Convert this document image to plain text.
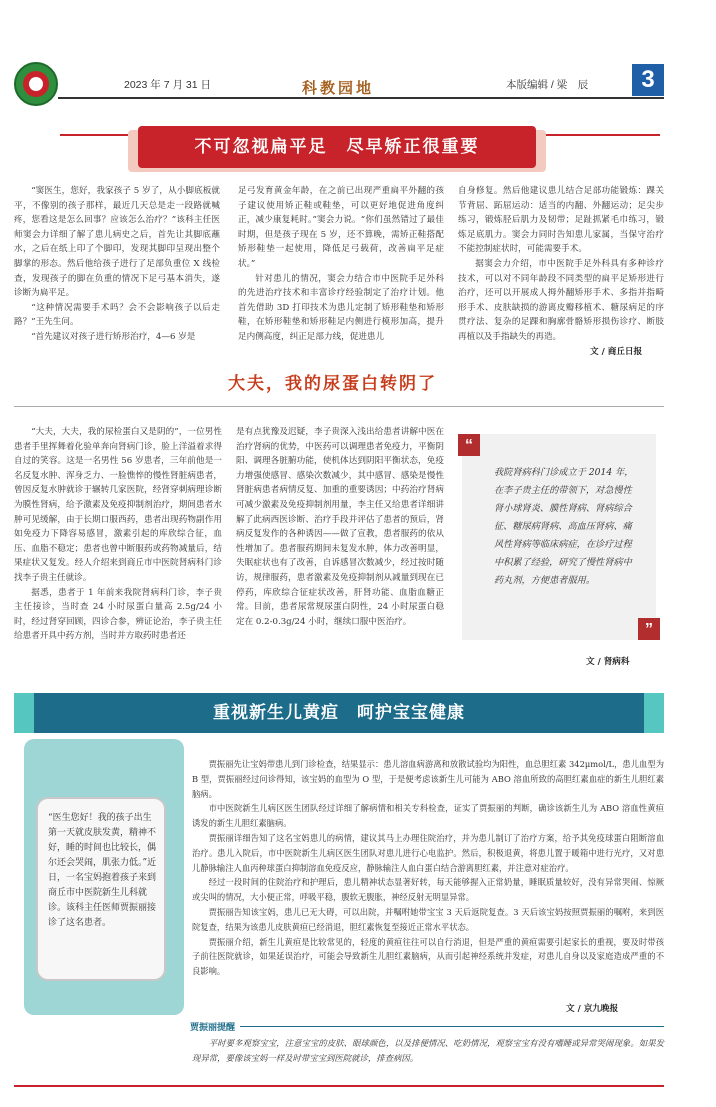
2023 年 7 月 31 日	科教园地	本版编辑 / 梁　辰	3
不可忽视扁平足　尽早矫正很重要

“窦医生，您好，我家孩子 5 岁了，从小脚底板就平，不像别的孩子那样，最近几天总是走一段路就喊疼，您看这是怎么回事？应该怎么治疗？”该科主任医师窦会力详细了解了患儿病史之后，首先让其脚底蘸水，之后在纸上印了个脚印，发现其脚印呈现出整个脚掌的形态。然后他给孩子进行了足部负重位 X 线检查，发现孩子的脚在负重的情况下足弓基本消失，遂诊断为扁平足。

“这种情况需要手术吗？会不会影响孩子以后走路？”王先生问。

“首先建议对孩子进行矫形治疗，4—6 岁是

足弓发育黄金年龄，在之前已出现严重扁平外翻的孩子建议使用矫正鞋或鞋垫，可以更好地促进角度纠正，减少康复耗时。”窦会力说。“你们虽然错过了最佳时期，但是孩子现在 5 岁，还不算晚，需矫正鞋搭配矫形鞋垫一起使用，降低足弓载荷，改善扁平足症状。”

针对患儿的情况，窦会力结合市中医院手足外科的先进治疗技术和丰富诊疗经验制定了治疗计划。他首先借助 3D 打印技术为患儿定制了矫形鞋垫和矫形鞋，在矫形鞋垫和矫形鞋足内侧进行模形加高，提升足内侧高度，纠正足部力线，促进患儿

自身修复。然后他建议患儿结合足部功能锻炼：踝关节背屈、跖屈运动：适当的内翻、外翻运动；足尖步练习，锻炼胫后肌力及韧带；足趾抓紧毛巾练习，锻炼足底肌力。窦会力同时告知患儿家属，当保守治疗不能控制症状时，可能需要手术。

据窦会力介绍，市中医院手足外科具有多种诊疗技术，可以对不同年龄段不同类型的扁平足矫形进行治疗，还可以开展成人拇外翻矫形手术、多指并指畸形手术、皮肤缺损的游离皮瓣移植术、糖尿病足的序贯疗法、复杂的足踝和胸廓骨骼矫形损伤诊疗、断肢再植以及手指缺失的再造。

文 / 商丘日报
大夫，我的尿蛋白转阴了

“大夫，大夫，我的尿检蛋白又是阴的”，一位男性患者手里挥舞着化验单奔向肾病门诊，脸上洋溢着求得自过的笑容。这是一名男性 56 岁患者，三年前他是一名反复水肿、浑身乏力、一脸憔悴的慢性肾脏病患者，曾因反复水肿就诊于辗转几家医院，经肾穿刺病理诊断为膜性肾病，给予激素及免疫抑制剂治疗，期间患者水肿可见缓解，由于长期口服西药，患者出现药物副作用如免疫力下降容易感冒，激素引起的库欣综合征，血压、血脂不稳定；患者也曾中断服药或药物减量后，结果症状又复发。经人介绍来到商丘市中医院肾病科门诊找李子贵主任就诊。

据悉，患者于 1 年前来我院肾病科门诊，李子贵主任接诊，当时查 24 小时尿蛋白量高 2.5g/24 小时，经过肾穿回顾，四诊合参，辨证论治，李子贵主任给患者开具中药方剂，当时并方取药时患者还

是有点犹豫及迟疑，李子贵深入浅出给患者讲解中医在治疗肾病的优势，中医药可以调理患者免疫力，平衡阴阳、调理各脏腑功能，使机体达到阴阳平衡状态，免疫力增强使感冒、感染次数减少，其中感冒、感染是慢性肾脏病患者病情反复、加重的重要诱因；中药治疗肾病可减少激素及免疫抑制剂用量，李主任又给患者详细讲解了此病西医诊断、治疗手段并评估了患者的预后，肾病反复发作的各种诱因——做了宣教，患者服药的依从性增加了。患者服药期间未复发水肿，体力改善明显，失眠症状也有了改善，自诉感冒次数减少，经过按时随访，规律服药，患者激素及免疫抑制剂从减量到现在已停药，库欣综合征症状改善，肝肾功能、血脂血糖正常。目前，患者尿常规尿蛋白阴性，24 小时尿蛋白稳定在 0.2-0.3g/24 小时，继续口服中医治疗。

“
我院肾病科门诊成立于 2014 年，在李子贵主任的带领下，对急慢性肾小球肾炎、膜性肾病、肾病综合征、糖尿病肾病、高血压肾病、痛风性肾病等临床病症，在诊疗过程中积累了经验，研究了慢性肾病中药丸剂，方便患者服用。
”
文 / 肾病科
重视新生儿黄疸　呵护宝宝健康
“医生您好！我的孩子出生第一天就皮肤发黄，精神不好，睡的时间也比较长，偶尔还会哭闹，肌张力低。”近日，一名宝妈抱着孩子来到商丘市中医院新生儿科就诊。该科主任医师贾振丽接诊了这名患者。

贾振丽先让宝妈带患儿到门诊检查，结果显示：患儿溶血病游离和放散试验均为阳性，血总胆红素 342μmol/L，患儿血型为 B 型，贾振丽经过问诊得知，该宝妈的血型为 O 型，于是便考虑该新生儿可能为 ABO 溶血所致的高胆红素血症的新生儿胆红素脑病。

市中医院新生儿病区医生团队经过详细了解病情和相关专科检查，证实了贾振丽的判断，确诊该新生儿为 ABO 溶血性黄疸诱发的新生儿胆红素脑病。

贾振丽详细告知了这名宝妈患儿的病情，建议其马上办理住院治疗，并为患儿制订了治疗方案，给予其免疫球蛋白阻断溶血治疗。患儿入院后，市中医院新生儿病区医生团队对患儿进行心电监护。然后，积极退黄，将患儿置于暖箱中进行光疗，又对患儿静脉输注人血丙种球蛋白抑制溶血免疫反应，静脉输注人血白蛋白结合游离胆红素，并注意对症治疗。

经过一段时间的住院治疗和护理后，患儿精神状态显著好转，每天能够握入正常奶量，睡眠质量较好，没有异常哭闹、惊厥或尖叫的情况，大小便正常，呼吸平稳，腹软无腹胀，神经反射无明显异常。

贾振丽告知该宝妈，患儿已无大碍，可以出院，并嘱咐她带宝宝 3 天后返院复查。3 天后该宝妈按照贾振丽的嘱咐，来到医院复查，结果为该患儿皮肤黄疸已经消退，胆红素恢复至接近正常水平状态。

贾振丽介绍，新生儿黄疸是比较常见的，轻度的黄疸往往可以自行消退，但是严重的黄疸需要引起家长的重视，要及时带孩子前往医院就诊，如果延误治疗，可能会导致新生儿胆红素脑病，从而引起神经系统并发症，对患儿自身以及家庭造成严重的不良影响。

文 / 京九晚报
贾振丽提醒

平时要多观察宝宝，注意宝宝的皮肤、眼球颜色，以及排便情况、吃奶情况，观察宝宝有没有嗜睡或异常哭闹现象。如果发现异常，要像该宝妈一样及时带宝宝到医院就诊，排查病因。
